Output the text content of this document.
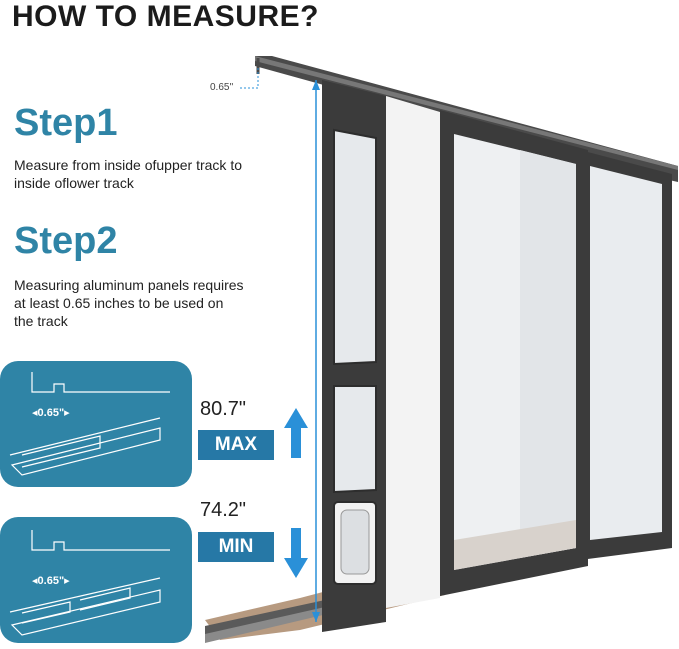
HOW TO MEASURE?
Step1
Measure from inside ofupper track to inside oflower track
Step2
Measuring aluminum panels requires at least 0.65 inches to be used on the track
0.65''
◂0.65"▸
◂0.65"▸
80.7"
MAX
74.2"
MIN
